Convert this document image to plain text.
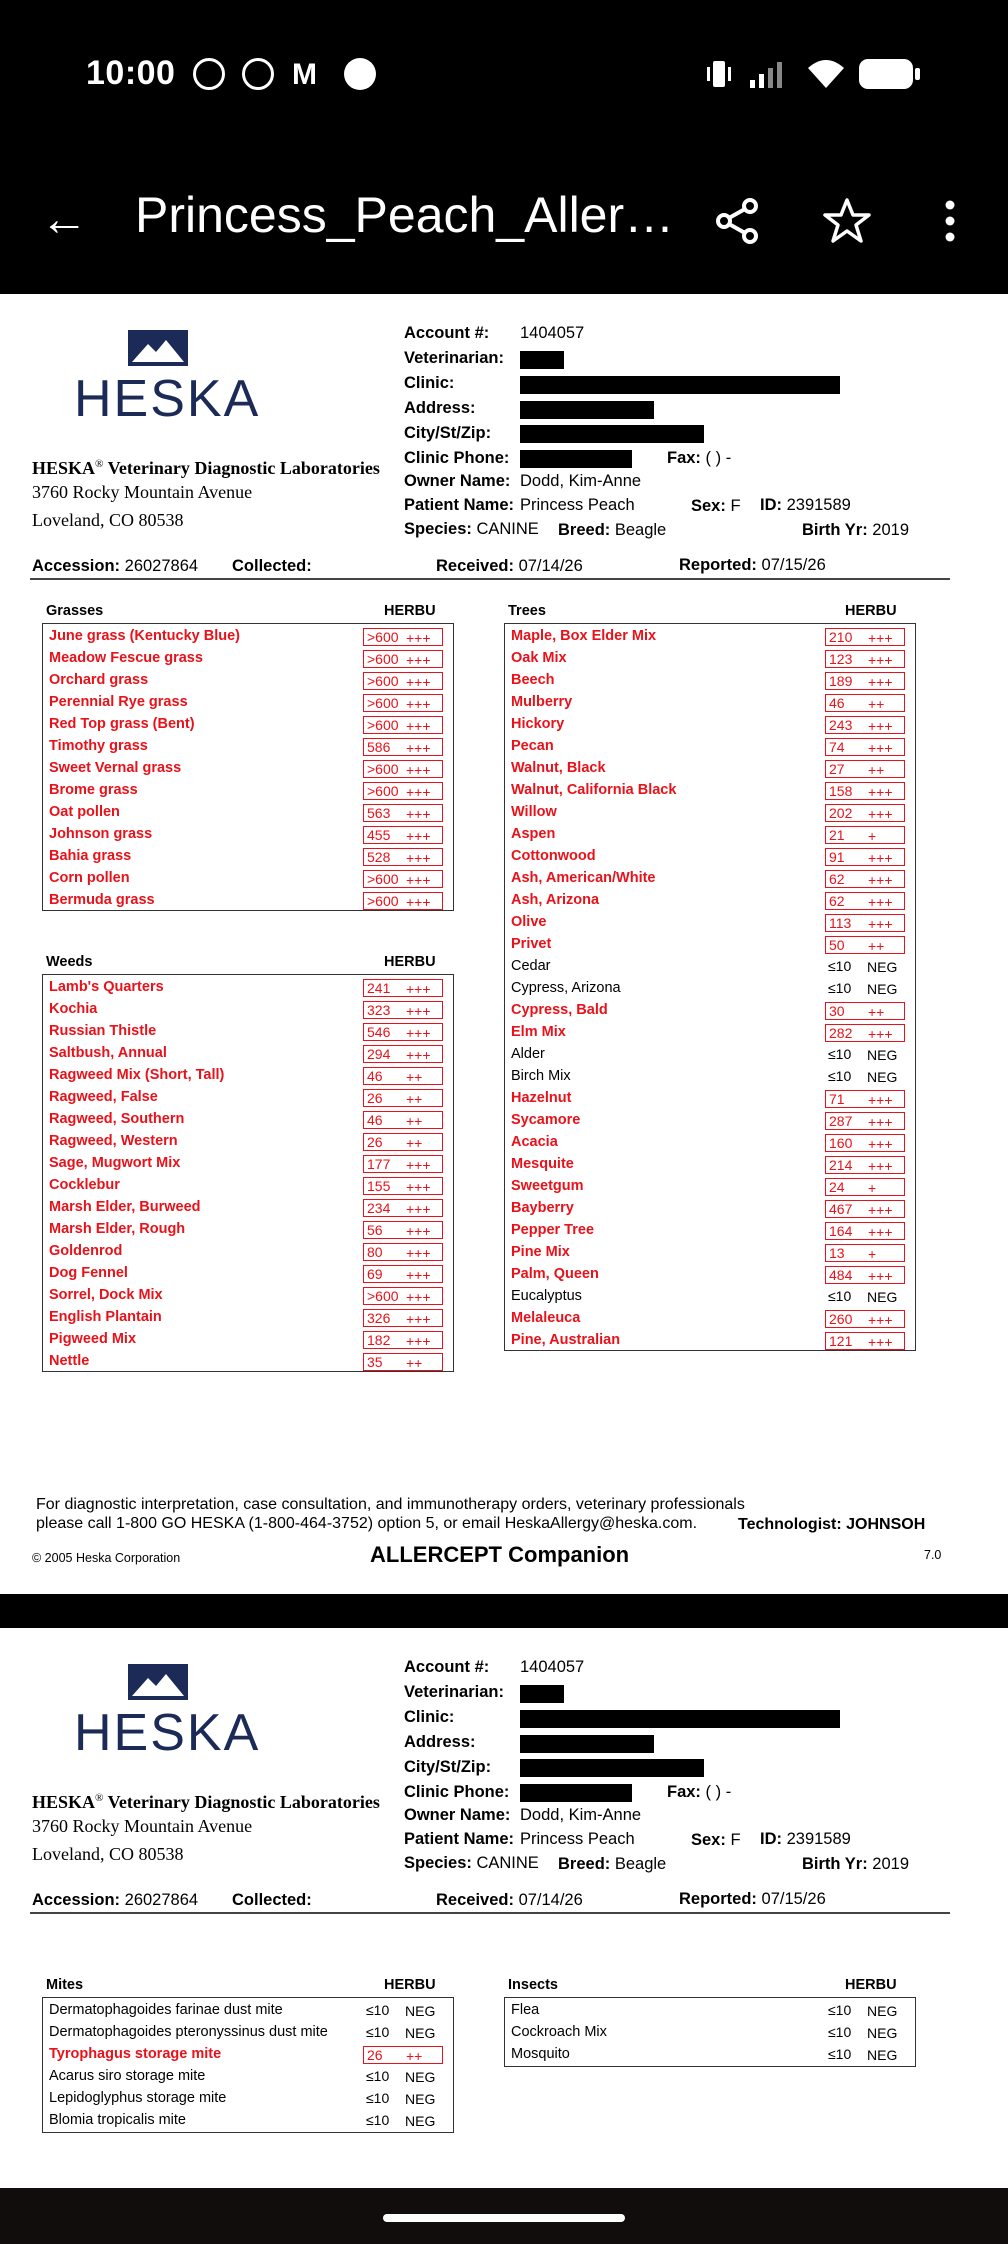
10:00	M
← Princess_Peach_Aller…
HESKA
HESKA® Veterinary Diagnostic Laboratories
3760 Rocky Mountain Avenue
Loveland, CO 80538
Account #: 1404057
Veterinarian:
Clinic:
Address:
City/St/Zip:
Clinic Phone:	Fax: ( ) -
Owner Name: Dodd, Kim-Anne
Patient Name: Princess Peach	Sex: F ID: 2391589
Species: CANINE Breed: Beagle	Birth Yr: 2019
Accession: 26027864 Collected:	Received: 07/14/26	Reported: 07/15/26
Grasses	HERBU
June grass (Kentucky Blue)	>600 +++
Meadow Fescue grass	>600 +++
Orchard grass	>600 +++
Perennial Rye grass	>600 +++
Red Top grass (Bent)	>600 +++
Timothy grass	586 +++
Sweet Vernal grass	>600 +++
Brome grass	>600 +++
Oat pollen	563 +++
Johnson grass	455 +++
Bahia grass	528 +++
Corn pollen	>600 +++
Bermuda grass	>600 +++
Weeds	HERBU
Lamb's Quarters	241 +++
Kochia	323 +++
Russian Thistle	546 +++
Saltbush, Annual	294 +++
Ragweed Mix (Short, Tall)	46 ++
Ragweed, False	26 ++
Ragweed, Southern	46 ++
Ragweed, Western	26 ++
Sage, Mugwort Mix	177 +++
Cocklebur	155 +++
Marsh Elder, Burweed	234 +++
Marsh Elder, Rough	56 +++
Goldenrod	80 +++
Dog Fennel	69 +++
Sorrel, Dock Mix	>600 +++
English Plantain	326 +++
Pigweed Mix	182 +++
Nettle	35 ++
Trees	HERBU
Maple, Box Elder Mix	210 +++
Oak Mix	123 +++
Beech	189 +++
Mulberry	46 ++
Hickory	243 +++
Pecan	74 +++
Walnut, Black	27 ++
Walnut, California Black	158 +++
Willow	202 +++
Aspen	21 +
Cottonwood	91 +++
Ash, American/White	62 +++
Ash, Arizona	62 +++
Olive	113 +++
Privet	50 ++
Cedar	≤10 NEG
Cypress, Arizona	≤10 NEG
Cypress, Bald	30 ++
Elm Mix	282 +++
Alder	≤10 NEG
Birch Mix	≤10 NEG
Hazelnut	71 +++
Sycamore	287 +++
Acacia	160 +++
Mesquite	214 +++
Sweetgum	24 +
Bayberry	467 +++
Pepper Tree	164 +++
Pine Mix	13 +
Palm, Queen	484 +++
Eucalyptus	≤10 NEG
Melaleuca	260 +++
Pine, Australian	121 +++
For diagnostic interpretation, case consultation, and immunotherapy orders, veterinary professionals
please call 1-800 GO HESKA (1-800-464-3752) option 5, or email HeskaAllergy@heska.com.	Technologist: JOHNSOH
© 2005 Heska Corporation	ALLERCEPT Companion	7.0
HESKA
HESKA® Veterinary Diagnostic Laboratories
3760 Rocky Mountain Avenue
Loveland, CO 80538
Account #: 1404057
Veterinarian:
Clinic:
Address:
City/St/Zip:
Clinic Phone:	Fax: ( ) -
Owner Name: Dodd, Kim-Anne
Patient Name: Princess Peach	Sex: F ID: 2391589
Species: CANINE Breed: Beagle	Birth Yr: 2019
Accession: 26027864 Collected:	Received: 07/14/26	Reported: 07/15/26
Mites	HERBU
Dermatophagoides farinae dust mite	≤10 NEG
Dermatophagoides pteronyssinus dust mite	≤10 NEG
Tyrophagus storage mite	26 ++
Acarus siro storage mite	≤10 NEG
Lepidoglyphus storage mite	≤10 NEG
Blomia tropicalis mite	≤10 NEG
Insects	HERBU
Flea	≤10 NEG
Cockroach Mix	≤10 NEG
Mosquito	≤10 NEG
